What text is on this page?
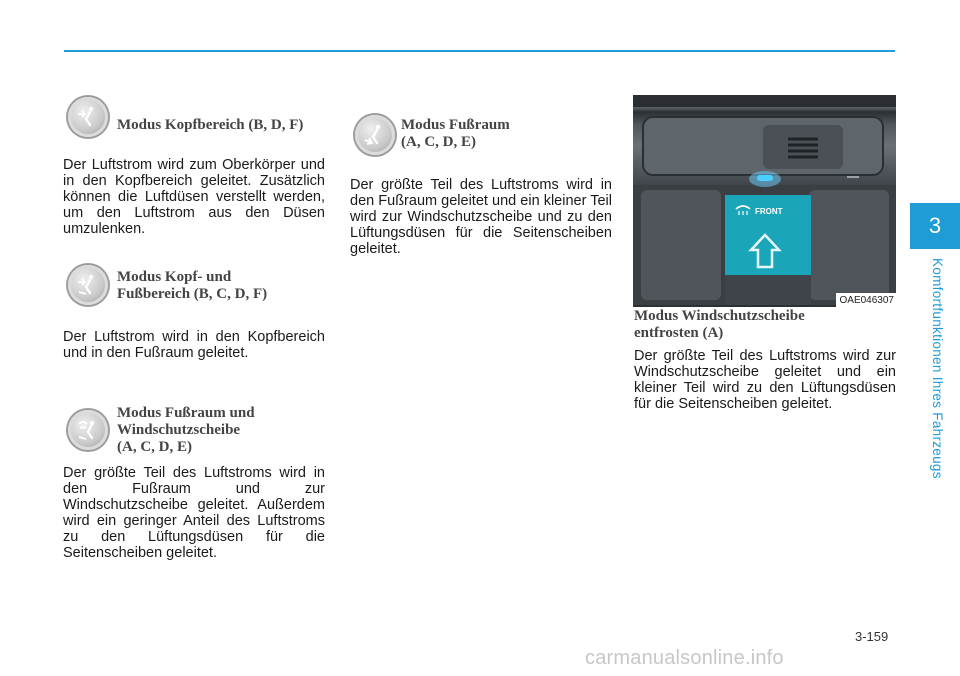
Modus Kopfbereich (B, D, F)
Der Luftstrom wird zum Oberkörper und in den Kopfbereich geleitet. Zusätzlich können die Luftdüsen verstellt werden, um den Luftstrom aus den Düsen umzulenken.
Modus Kopf- und
Fußbereich (B, C, D, F)
Der Luftstrom wird in den Kopfbereich und in den Fußraum geleitet.
Modus Fußraum und
Windschutzscheibe
(A, C, D, E)
Der größte Teil des Luftstroms wird in den Fußraum und zur Windschutzscheibe geleitet. Außerdem wird ein geringer Anteil des Luftstroms zu den Lüftungsdüsen für die Seitenscheiben geleitet.
Modus Fußraum
(A, C, D, E)
Der größte Teil des Luftstroms wird in den Fußraum geleitet und ein kleiner Teil wird zur Windschutzscheibe und zu den Lüftungsdüsen für die Seitenscheiben geleitet.
FRONT
OAE046307
Modus Windschutzscheibe
entfrosten (A)
Der größte Teil des Luftstroms wird zur Windschutzscheibe geleitet und ein kleiner Teil wird zu den Lüftungsdüsen für die Seitenscheiben geleitet.
3
Komfortfunktionen Ihres Fahrzeugs
3-159
carmanualsonline.info
